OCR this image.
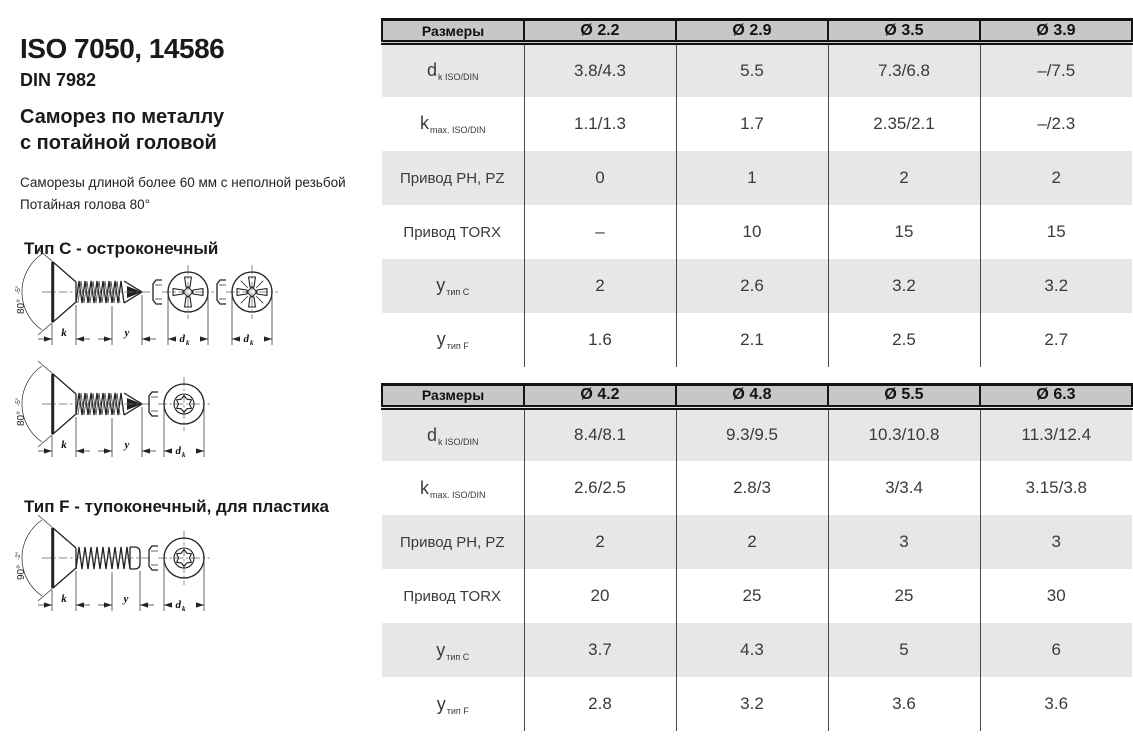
ISO 7050, 14586
DIN 7982
Саморез по металлу
с потайной головой

Саморезы длиной более 60 мм с неполной резьбой

Потайная голова 80°

Тип C - остроконечный
Тип F - тупоконечный, для пластика
80°
-5°
k	y	d k	d k
d k
90°
-2°
k	y
Размеры	Ø 2.2	Ø 2.9	Ø 3.5	Ø 3.9
$d_{k ISO/DIN}$	3.8/4.3	5.5	7.3/6.8	–/7.5
$k_{max. ISO/DIN}$	1.1/1.3	1.7	2.35/2.1	–/2.3
Привод PH, PZ	0	1	2	2
Привод TORX	–	10	15	15
$y_{тип C}$	2	2.6	3.2	3.2
$y_{тип F}$	1.6	2.1	2.5	2.7
Размеры	Ø 4.2	Ø 4.8	Ø 5.5	Ø 6.3
$d_{k ISO/DIN}$	8.4/8.1	9.3/9.5	10.3/10.8	11.3/12.4
$k_{max. ISO/DIN}$	2.6/2.5	2.8/3	3/3.4	3.15/3.8
Привод PH, PZ	2	2	3	3
Привод TORX	20	25	25	30
$y_{тип C}$	3.7	4.3	5	6
$y_{тип F}$	2.8	3.2	3.6	3.6
